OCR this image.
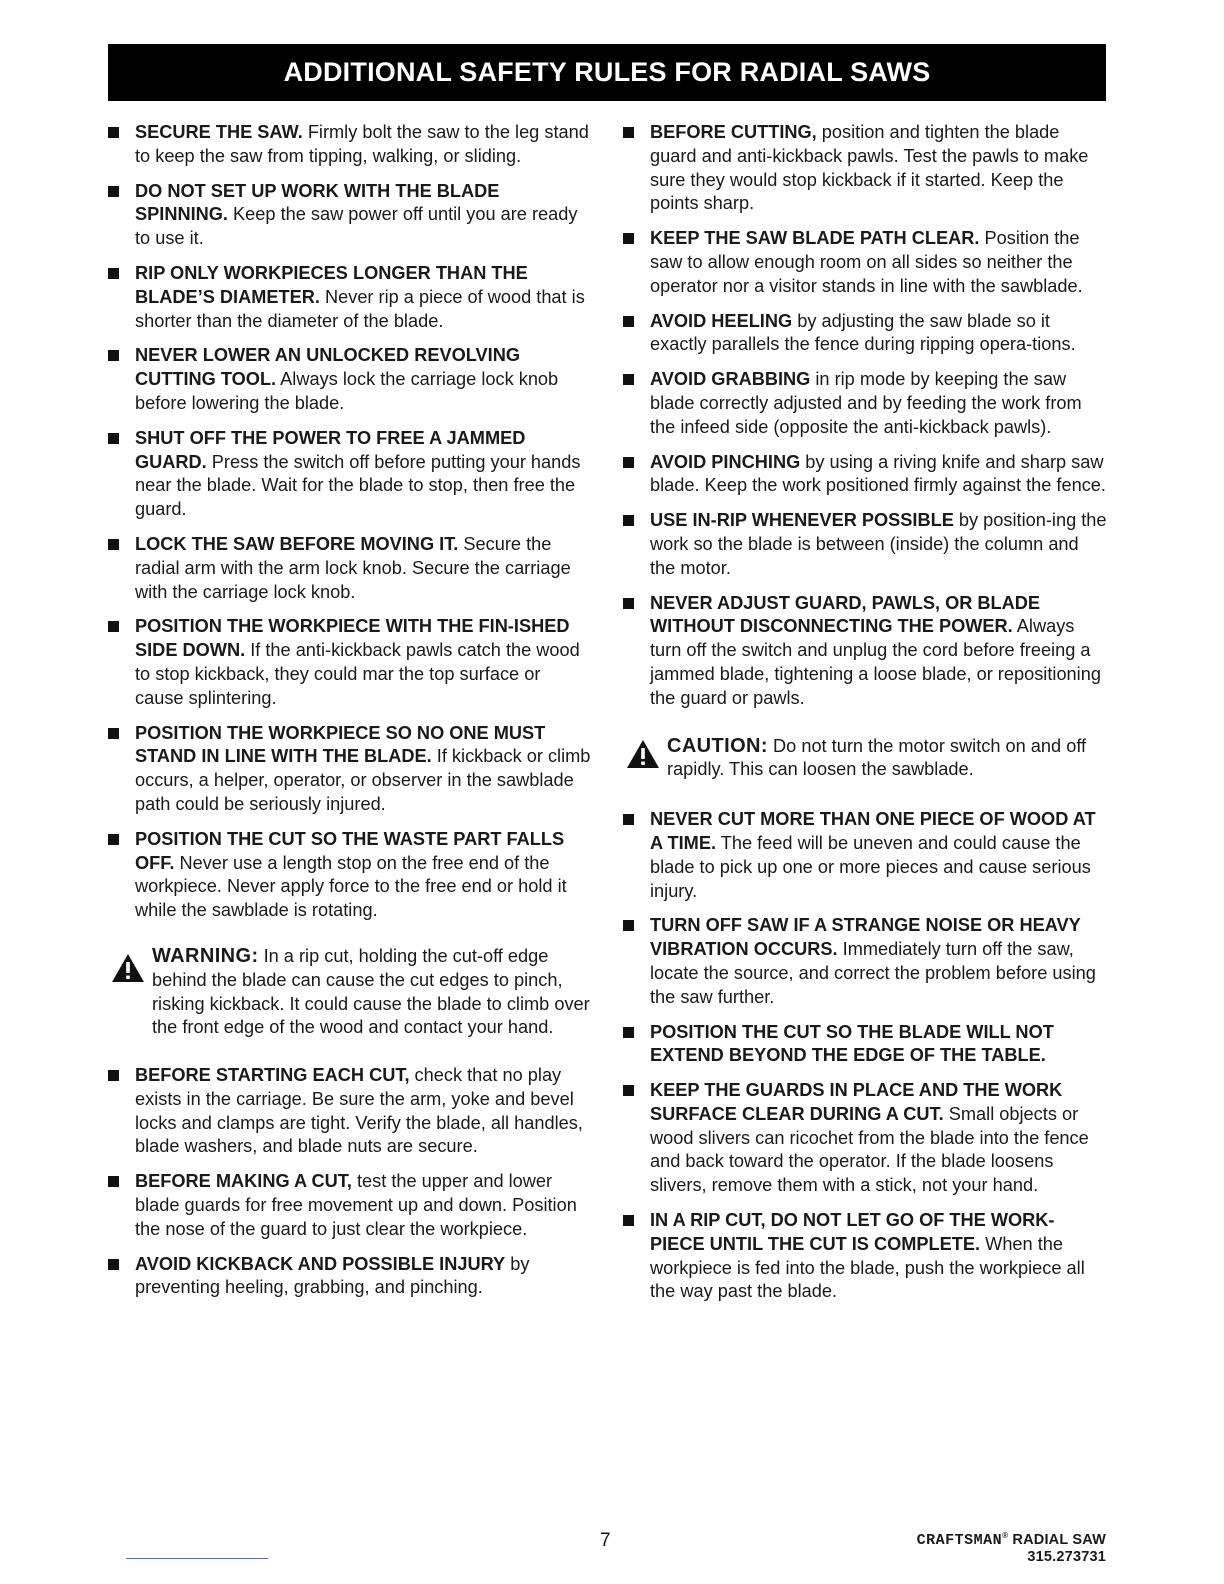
ADDITIONAL SAFETY RULES FOR RADIAL SAWS
SECURE THE SAW. Firmly bolt the saw to the leg stand to keep the saw from tipping, walking, or sliding.
DO NOT SET UP WORK WITH THE BLADE SPINNING. Keep the saw power off until you are ready to use it.
RIP ONLY WORKPIECES LONGER THAN THE BLADE’S DIAMETER. Never rip a piece of wood that is shorter than the diameter of the blade.
NEVER LOWER AN UNLOCKED REVOLVING CUTTING TOOL. Always lock the carriage lock knob before lowering the blade.
SHUT OFF THE POWER TO FREE A JAMMED GUARD. Press the switch off before putting your hands near the blade. Wait for the blade to stop, then free the guard.
LOCK THE SAW BEFORE MOVING IT. Secure the radial arm with the arm lock knob. Secure the carriage with the carriage lock knob.
POSITION THE WORKPIECE WITH THE FIN-ISHED SIDE DOWN. If the anti-kickback pawls catch the wood to stop kickback, they could mar the top surface or cause splintering.
POSITION THE WORKPIECE SO NO ONE MUST STAND IN LINE WITH THE BLADE. If kickback or climb occurs, a helper, operator, or observer in the sawblade path could be seriously injured.
POSITION THE CUT SO THE WASTE PART FALLS OFF. Never use a length stop on the free end of the workpiece. Never apply force to the free end or hold it while the sawblade is rotating.
WARNING: In a rip cut, holding the cut-off edge behind the blade can cause the cut edges to pinch, risking kickback. It could cause the blade to climb over the front edge of the wood and contact your hand.
BEFORE STARTING EACH CUT, check that no play exists in the carriage. Be sure the arm, yoke and bevel locks and clamps are tight. Verify the blade, all handles, blade washers, and blade nuts are secure.
BEFORE MAKING A CUT, test the upper and lower blade guards for free movement up and down. Position the nose of the guard to just clear the workpiece.
AVOID KICKBACK AND POSSIBLE INJURY by preventing heeling, grabbing, and pinching.
BEFORE CUTTING, position and tighten the blade guard and anti-kickback pawls. Test the pawls to make sure they would stop kickback if it started. Keep the points sharp.
KEEP THE SAW BLADE PATH CLEAR. Position the saw to allow enough room on all sides so neither the operator nor a visitor stands in line with the sawblade.
AVOID HEELING by adjusting the saw blade so it exactly parallels the fence during ripping opera-tions.
AVOID GRABBING in rip mode by keeping the saw blade correctly adjusted and by feeding the work from the infeed side (opposite the anti-kickback pawls).
AVOID PINCHING by using a riving knife and sharp saw blade. Keep the work positioned firmly against the fence.
USE IN-RIP WHENEVER POSSIBLE by position-ing the work so the blade is between (inside) the column and the motor.
NEVER ADJUST GUARD, PAWLS, OR BLADE WITHOUT DISCONNECTING THE POWER. Always turn off the switch and unplug the cord before freeing a jammed blade, tightening a loose blade, or repositioning the guard or pawls.
CAUTION: Do not turn the motor switch on and off rapidly. This can loosen the sawblade.
NEVER CUT MORE THAN ONE PIECE OF WOOD AT A TIME. The feed will be uneven and could cause the blade to pick up one or more pieces and cause serious injury.
TURN OFF SAW IF A STRANGE NOISE OR HEAVY VIBRATION OCCURS. Immediately turn off the saw, locate the source, and correct the problem before using the saw further.
POSITION THE CUT SO THE BLADE WILL NOT EXTEND BEYOND THE EDGE OF THE TABLE.
KEEP THE GUARDS IN PLACE AND THE WORK SURFACE CLEAR DURING A CUT. Small objects or wood slivers can ricochet from the blade into the fence and back toward the operator. If the blade loosens slivers, remove them with a stick, not your hand.
IN A RIP CUT, DO NOT LET GO OF THE WORK-PIECE UNTIL THE CUT IS COMPLETE. When the workpiece is fed into the blade, push the workpiece all the way past the blade.
7	CRAFTSMAN® RADIAL SAW 315.273731
